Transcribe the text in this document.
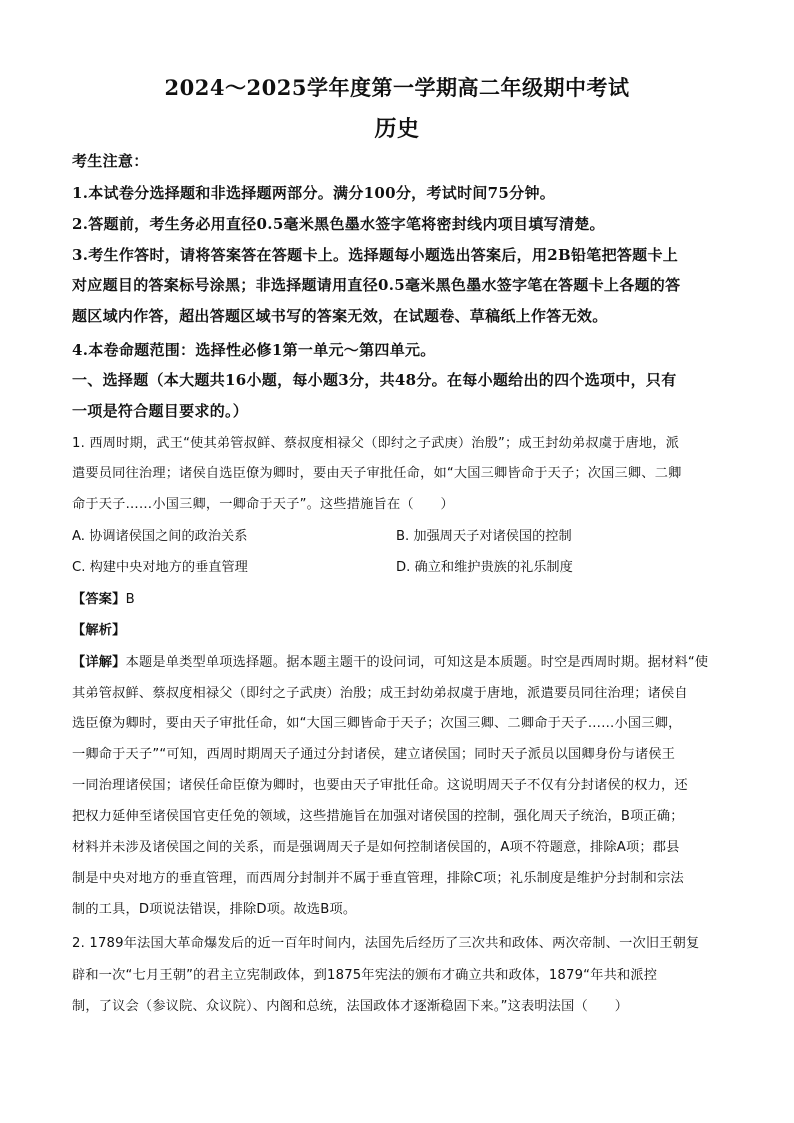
2024～2025学年度第一学期高二年级期中考试
历史
考生注意：
1.本试卷分选择题和非选择题两部分。满分100分，考试时间75分钟。
2.答题前，考生务必用直径0.5毫米黑色墨水签字笔将密封线内项目填写清楚。
3.考生作答时，请将答案答在答题卡上。选择题每小题选出答案后，用2B铅笔把答题卡上
对应题目的答案标号涂黑；非选择题请用直径0.5毫米黑色墨水签字笔在答题卡上各题的答
题区域内作答，超出答题区域书写的答案无效，在试题卷、草稿纸上作答无效。
4.本卷命题范围：选择性必修1第一单元～第四单元。
一、选择题（本大题共16小题，每小题3分，共48分。在每小题给出的四个选项中，只有
一项是符合题目要求的。）
1. 西周时期，武王“使其弟管叔鲜、蔡叔度相禄父（即纣之子武庚）治殷”；成王封幼弟叔虞于唐地，派
遣要员同往治理；诸侯自选臣僚为卿时，要由天子审批任命，如“大国三卿皆命于天子；次国三卿、二卿
命于天子……小国三卿，一卿命于天子”。这些措施旨在（　　）
A. 协调诸侯国之间的政治关系	B. 加强周天子对诸侯国的控制
C. 构建中央对地方的垂直管理	D. 确立和维护贵族的礼乐制度
【答案】B
【解析】
【详解】本题是单类型单项选择题。据本题主题干的设问词，可知这是本质题。时空是西周时期。据材料“使
其弟管叔鲜、蔡叔度相禄父（即纣之子武庚）治殷；成王封幼弟叔虞于唐地，派遣要员同往治理；诸侯自
选臣僚为卿时，要由天子审批任命，如“大国三卿皆命于天子；次国三卿、二卿命于天子……小国三卿，
一卿命于天子”“可知，西周时期周天子通过分封诸侯，建立诸侯国；同时天子派员以国卿身份与诸侯王
一同治理诸侯国；诸侯任命臣僚为卿时，也要由天子审批任命。这说明周天子不仅有分封诸侯的权力，还
把权力延伸至诸侯国官吏任免的领域，这些措施旨在加强对诸侯国的控制，强化周天子统治，B项正确；
材料并未涉及诸侯国之间的关系，而是强调周天子是如何控制诸侯国的，A项不符题意，排除A项；郡县
制是中央对地方的垂直管理，而西周分封制并不属于垂直管理，排除C项；礼乐制度是维护分封制和宗法
制的工具，D项说法错误，排除D项。故选B项。
2. 1789年法国大革命爆发后的近一百年时间内，法国先后经历了三次共和政体、两次帝制、一次旧王朝复
辟和一次“七月王朝”的君主立宪制政体，到1875年宪法的颁布才确立共和政体，1879“年共和派控
制，了议会（参议院、众议院）、内阁和总统，法国政体才逐渐稳固下来。”这表明法国（　　）
